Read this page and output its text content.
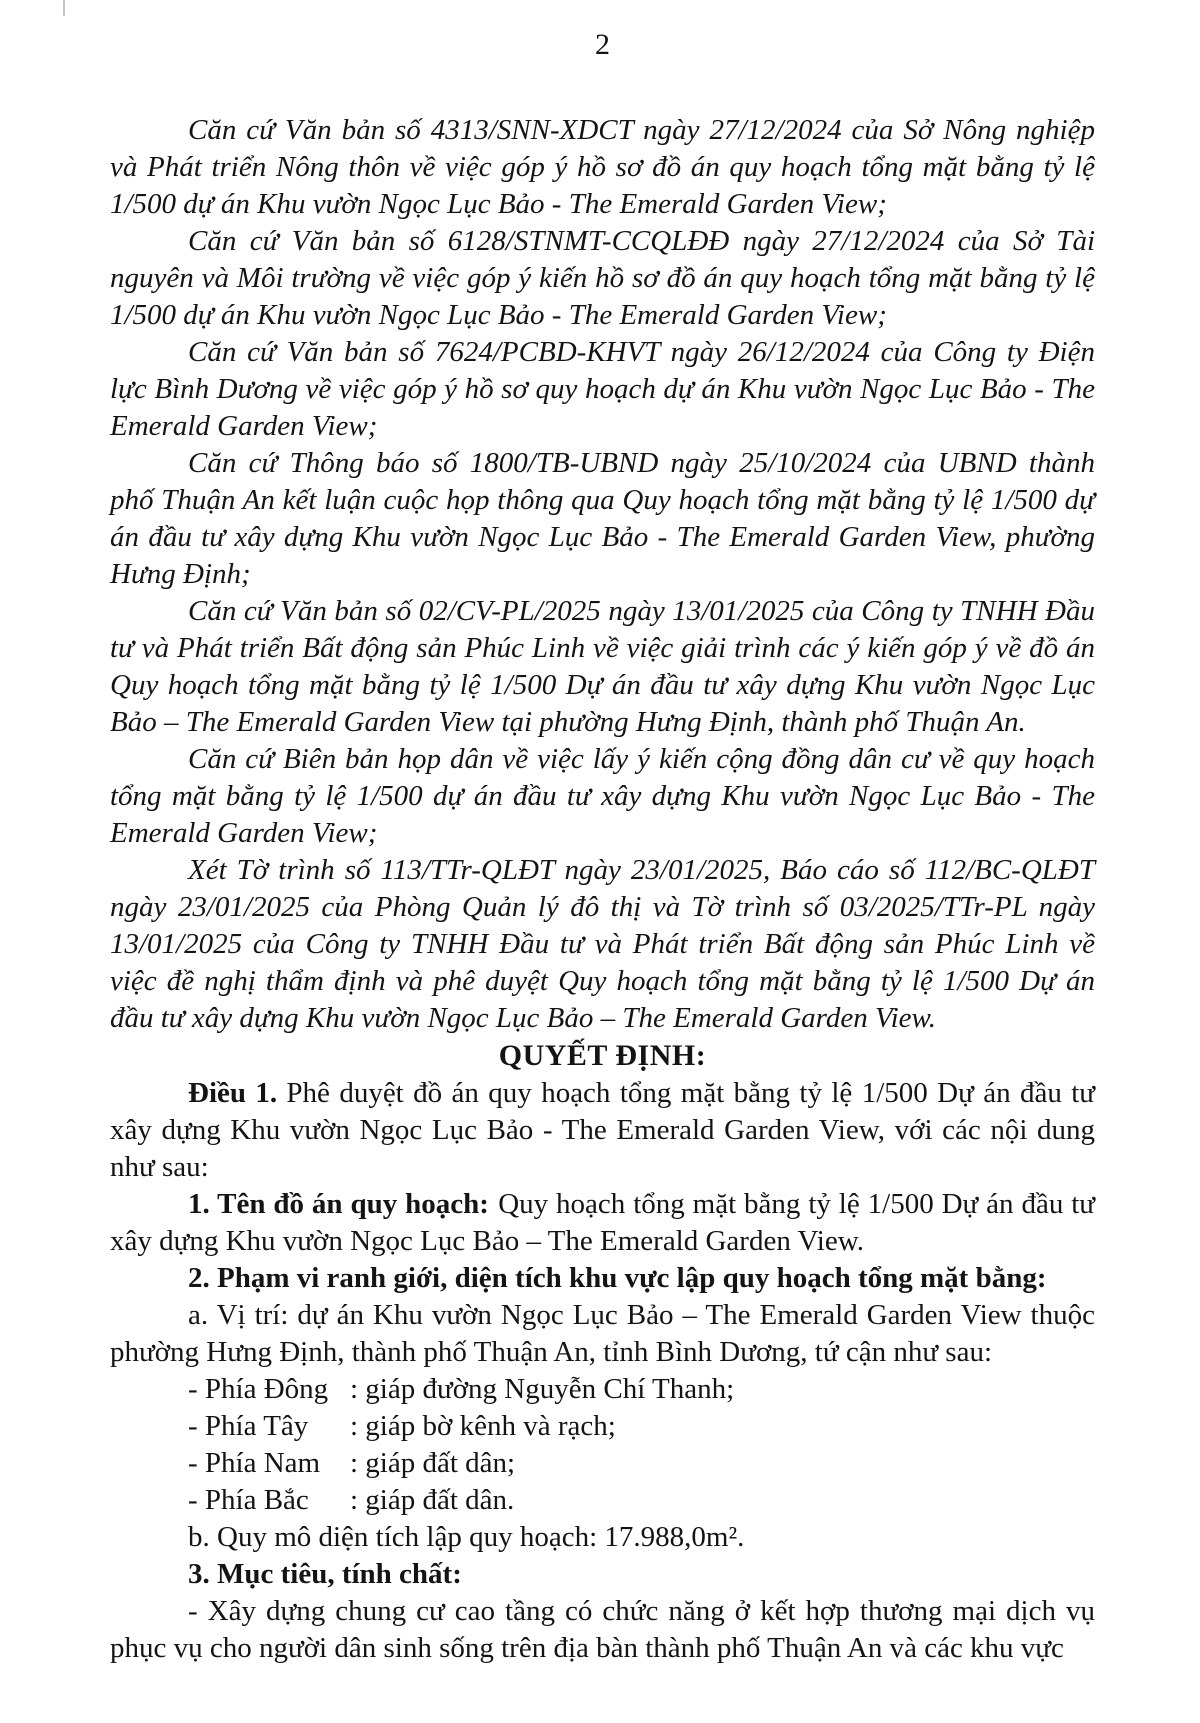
2

Căn cứ Văn bản số 4313/SNN-XDCT ngày 27/12/2024 của Sở Nông nghiệp và Phát triển Nông thôn về việc góp ý hồ sơ đồ án quy hoạch tổng mặt bằng tỷ lệ 1/500 dự án Khu vườn Ngọc Lục Bảo - The Emerald Garden View;

Căn cứ Văn bản số 6128/STNMT-CCQLĐĐ ngày 27/12/2024 của Sở Tài nguyên và Môi trường về việc góp ý kiến hồ sơ đồ án quy hoạch tổng mặt bằng tỷ lệ 1/500 dự án Khu vườn Ngọc Lục Bảo - The Emerald Garden View;

Căn cứ Văn bản số 7624/PCBD-KHVT ngày 26/12/2024 của Công ty Điện lực Bình Dương về việc góp ý hồ sơ quy hoạch dự án Khu vườn Ngọc Lục Bảo - The Emerald Garden View;

Căn cứ Thông báo số 1800/TB-UBND ngày 25/10/2024 của UBND thành phố Thuận An kết luận cuộc họp thông qua Quy hoạch tổng mặt bằng tỷ lệ 1/500 dự án đầu tư xây dựng Khu vườn Ngọc Lục Bảo - The Emerald Garden View, phường Hưng Định;

Căn cứ Văn bản số 02/CV-PL/2025 ngày 13/01/2025 của Công ty TNHH Đầu tư và Phát triển Bất động sản Phúc Linh về việc giải trình các ý kiến góp ý về đồ án Quy hoạch tổng mặt bằng tỷ lệ 1/500 Dự án đầu tư xây dựng Khu vườn Ngọc Lục Bảo – The Emerald Garden View tại phường Hưng Định, thành phố Thuận An.

Căn cứ Biên bản họp dân về việc lấy ý kiến cộng đồng dân cư về quy hoạch tổng mặt bằng tỷ lệ 1/500 dự án đầu tư xây dựng Khu vườn Ngọc Lục Bảo - The Emerald Garden View;

Xét Tờ trình số 113/TTr-QLĐT ngày 23/01/2025, Báo cáo số 112/BC-QLĐT ngày 23/01/2025 của Phòng Quản lý đô thị và Tờ trình số 03/2025/TTr-PL ngày 13/01/2025 của Công ty TNHH Đầu tư và Phát triển Bất động sản Phúc Linh về việc đề nghị thẩm định và phê duyệt Quy hoạch tổng mặt bằng tỷ lệ 1/500 Dự án đầu tư xây dựng Khu vườn Ngọc Lục Bảo – The Emerald Garden View.

QUYẾT ĐỊNH:

Điều 1. Phê duyệt đồ án quy hoạch tổng mặt bằng tỷ lệ 1/500 Dự án đầu tư xây dựng Khu vườn Ngọc Lục Bảo - The Emerald Garden View, với các nội dung như sau:

1. Tên đồ án quy hoạch: Quy hoạch tổng mặt bằng tỷ lệ 1/500 Dự án đầu tư xây dựng Khu vườn Ngọc Lục Bảo – The Emerald Garden View.

2. Phạm vi ranh giới, diện tích khu vực lập quy hoạch tổng mặt bằng:

a. Vị trí: dự án Khu vườn Ngọc Lục Bảo – The Emerald Garden View thuộc phường Hưng Định, thành phố Thuận An, tỉnh Bình Dương, tứ cận như sau:

- Phía Đông : giáp đường Nguyễn Chí Thanh;
- Phía Tây	: giáp bờ kênh và rạch;
- Phía Nam	: giáp đất dân;
- Phía Bắc	: giáp đất dân.

b. Quy mô diện tích lập quy hoạch: 17.988,0m².

3. Mục tiêu, tính chất:

- Xây dựng chung cư cao tầng có chức năng ở kết hợp thương mại dịch vụ phục vụ cho người dân sinh sống trên địa bàn thành phố Thuận An và các khu vực
